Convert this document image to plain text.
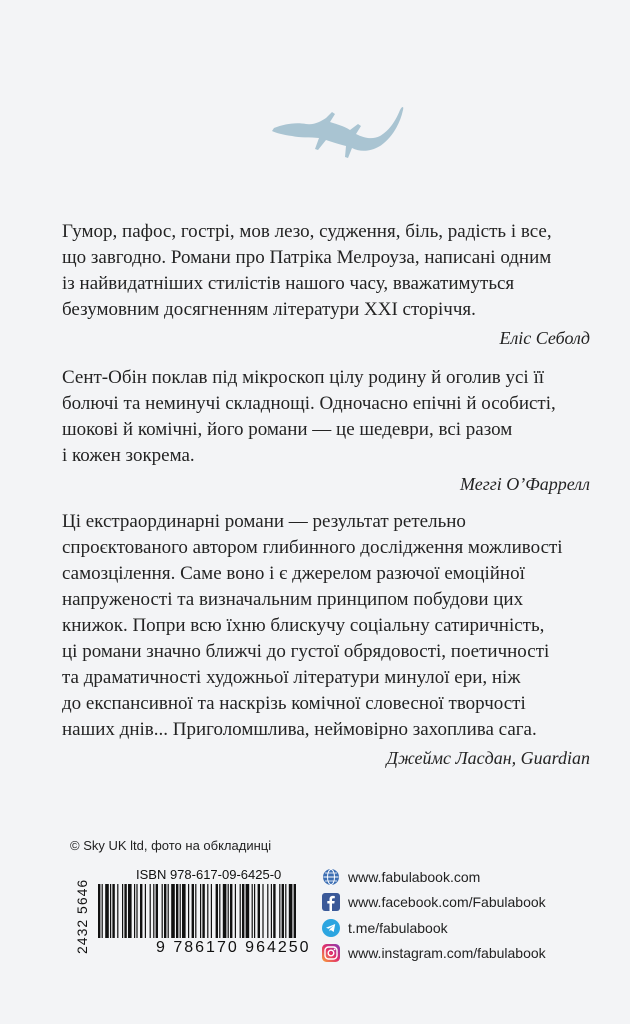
Гумор, пафос, гострі, мов лезо, судження, біль, радість і все,

що завгодно. Романи про Патріка Мелроуза, написані одним

із найвидатніших стилістів нашого часу, вважатимуться

безумовним досягненням літератури ХХІ сторіччя.

Еліс Себолд

Сент-Обін поклав під мікроскоп цілу родину й оголив усі її

болючі та неминучі складнощі. Одночасно епічні й особисті,

шокові й комічні, його романи — це шедеври, всі разом

і кожен зокрема.

Меггі О’Фаррелл

Ці екстраординарні романи — результат ретельно

спроєктованого автором глибинного дослідження можливості

самозцілення. Саме воно і є джерелом разючої емоційної

напруженості та визначальним принципом побудови цих

книжок. Попри всю їхню блискучу соціальну сатиричність,

ці романи значно ближчі до густої обрядовості, поетичності

та драматичності художньої літератури минулої ери, ніж

до експансивної та наскрізь комічної словесної творчості

наших днів... Приголомшлива, неймовірно захоплива сага.

Джеймс Ласдан, Guardian
© Sky UK ltd, фото на обкладинці
2432 5646
ISBN 978-617-09-6425-0
9 786170 964250
www.fabulabook.com
www.facebook.com/Fabulabook
t.me/fabulabook
www.instagram.com/fabulabook
